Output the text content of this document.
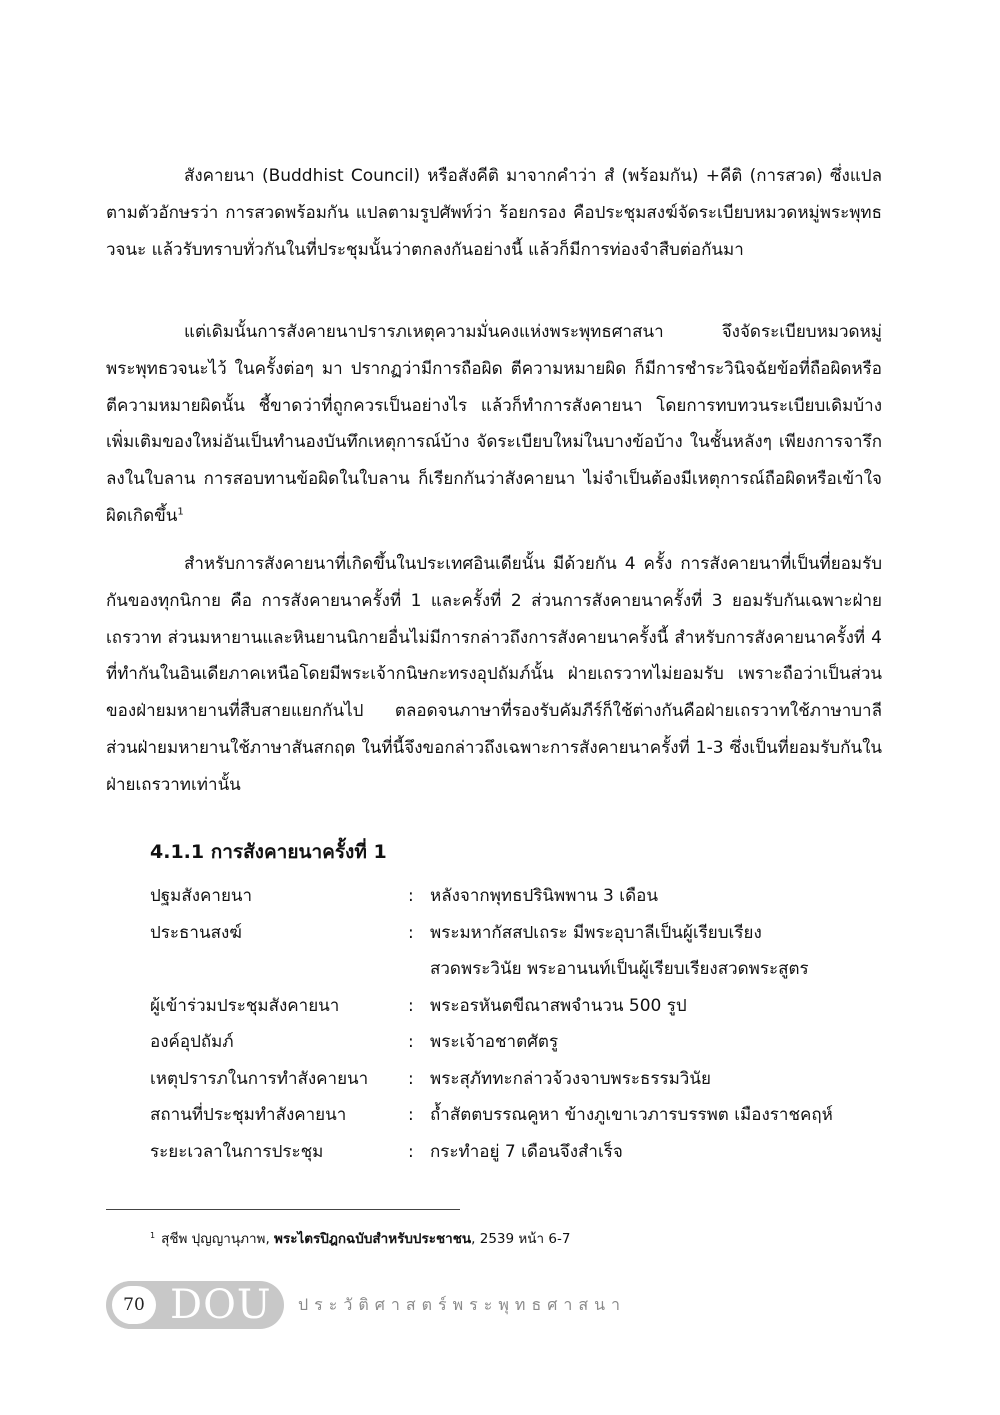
สังคายนา (Buddhist Council) หรือสังคีติ มาจากคำว่า สํ (พร้อมกัน) +คีติ (การสวด) ซึ่งแปลตามตัวอักษรว่า การสวดพร้อมกัน แปลตามรูปศัพท์ว่า ร้อยกรอง คือประชุมสงฆ์จัดระเบียบหมวดหมู่พระพุทธวจนะ แล้วรับทราบทั่วกันในที่ประชุมนั้นว่าตกลงกันอย่างนี้ แล้วก็มีการท่องจำสืบต่อกันมา

แต่เดิมนั้นการสังคายนาปรารภเหตุความมั่นคงแห่งพระพุทธศาสนา จึงจัดระเบียบหมวดหมู่พระพุทธวจนะไว้ ในครั้งต่อๆ มา ปรากฏว่ามีการถือผิด ตีความหมายผิด ก็มีการชำระวินิจฉัยข้อที่ถือผิดหรือตีความหมายผิดนั้น ชี้ขาดว่าที่ถูกควรเป็นอย่างไร แล้วก็ทำการสังคายนา โดยการทบทวนระเบียบเดิมบ้าง เพิ่มเติมของใหม่อันเป็นทำนองบันทึกเหตุการณ์บ้าง จัดระเบียบใหม่ในบางข้อบ้าง ในชั้นหลังๆ เพียงการจารึกลงในใบลาน การสอบทานข้อผิดในใบลาน ก็เรียกกันว่าสังคายนา ไม่จำเป็นต้องมีเหตุการณ์ถือผิดหรือเข้าใจผิดเกิดขึ้น$^1$

สำหรับการสังคายนาที่เกิดขึ้นในประเทศอินเดียนั้น มีด้วยกัน 4 ครั้ง การสังคายนาที่เป็นที่ยอมรับกันของทุกนิกาย คือ การสังคายนาครั้งที่ 1 และครั้งที่ 2 ส่วนการสังคายนาครั้งที่ 3 ยอมรับกันเฉพาะฝ่ายเถรวาท ส่วนมหายานและหินยานนิกายอื่นไม่มีการกล่าวถึงการสังคายนาครั้งนี้ สำหรับการสังคายนาครั้งที่ 4 ที่ทำกันในอินเดียภาคเหนือโดยมีพระเจ้ากนิษกะทรงอุปถัมภ์นั้น ฝ่ายเถรวาทไม่ยอมรับ เพราะถือว่าเป็นส่วนของฝ่ายมหายานที่สืบสายแยกกันไป ตลอดจนภาษาที่รองรับคัมภีร์ก็ใช้ต่างกันคือฝ่ายเถรวาทใช้ภาษาบาลี ส่วนฝ่ายมหายานใช้ภาษาสันสกฤต ในที่นี้จึงขอกล่าวถึงเฉพาะการสังคายนาครั้งที่ 1-3 ซึ่งเป็นที่ยอมรับกันในฝ่ายเถรวาทเท่านั้น

4.1.1 การสังคายนาครั้งที่ 1
ปฐมสังคายนา	: หลังจากพุทธปรินิพพาน 3 เดือน
ประธานสงฆ์	: พระมหากัสสปเถระ มีพระอุบาลีเป็นผู้เรียบเรียง
สวดพระวินัย พระอานนท์เป็นผู้เรียบเรียงสวดพระสูตร
ผู้เข้าร่วมประชุมสังคายนา	: พระอรหันตขีณาสพจำนวน 500 รูป
องค์อุปถัมภ์	: พระเจ้าอชาตศัตรู
เหตุปรารภในการทำสังคายนา	: พระสุภัททะกล่าวจ้วงจาบพระธรรมวินัย
สถานที่ประชุมทำสังคายนา	: ถ้ำสัตตบรรณคูหา ข้างภูเขาเวภารบรรพต เมืองราชคฤห์
ระยะเวลาในการประชุม	: กระทำอยู่ 7 เดือนจึงสำเร็จ
$^1$ สุชีพ ปุญญานุภาพ, พระไตรปิฎกฉบับสำหรับประชาชน, 2539 หน้า 6-7
70 DOU ประวัติศาสตร์พระพุทธศาสนา
